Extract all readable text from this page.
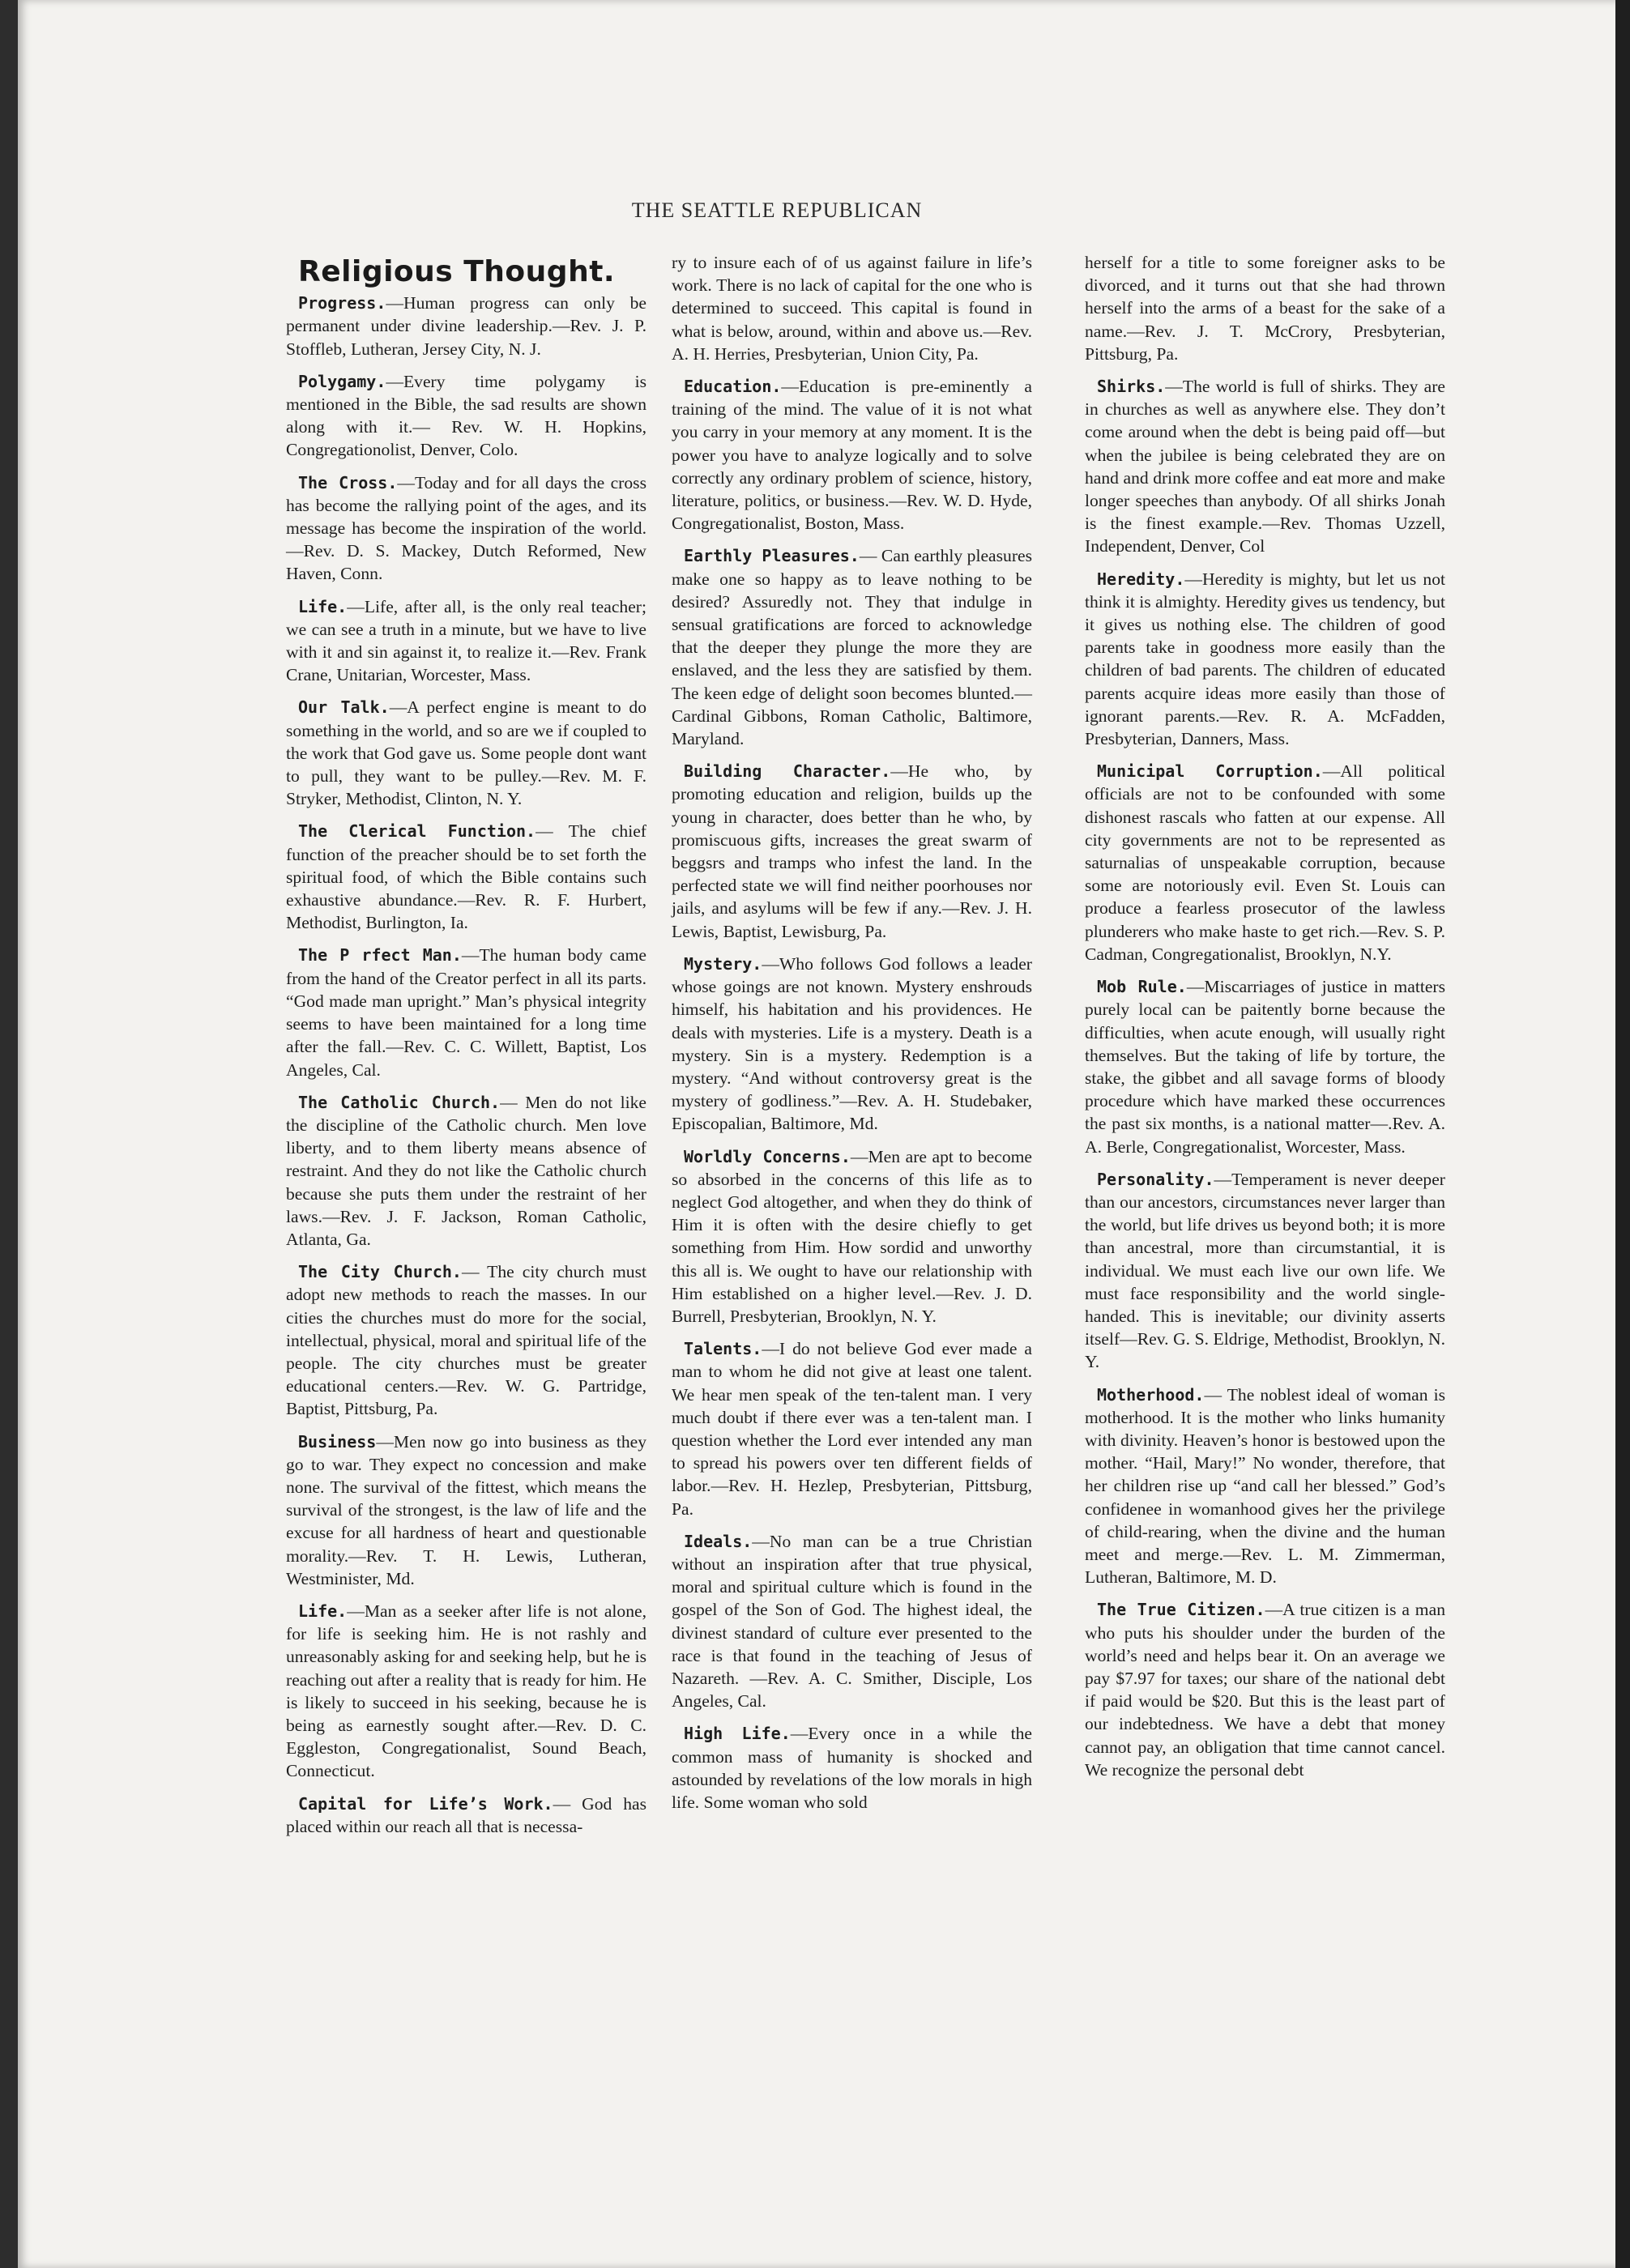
THE SEATTLE REPUBLICAN
Religious Thought.

Progress.—Human progress can only be permanent under divine leadership.—Rev. J. P. Stoffleb, Lutheran, Jersey City, N. J.

Polygamy.—Every time polygamy is mentioned in the Bible, the sad results are shown along with it.— Rev. W. H. Hopkins, Congregationolist, Denver, Colo.

The Cross.—Today and for all days the cross has become the rallying point of the ages, and its message has become the inspiration of the world.—Rev. D. S. Mackey, Dutch Reformed, New Haven, Conn.

Life.—Life, after all, is the only real teacher; we can see a truth in a minute, but we have to live with it and sin against it, to realize it.—Rev. Frank Crane, Unitarian, Worcester, Mass.

Our Talk.—A perfect engine is meant to do something in the world, and so are we if coupled to the work that God gave us. Some people dont want to pull, they want to be pulley.—Rev. M. F. Stryker, Methodist, Clinton, N. Y.

The Clerical Function.— The chief function of the preacher should be to set forth the spiritual food, of which the Bible contains such exhaustive abundance.—Rev. R. F. Hurbert, Methodist, Burlington, Ia.

The P rfect Man.—The human body came from the hand of the Creator perfect in all its parts. “God made man upright.” Man’s physical integrity seems to have been maintained for a long time after the fall.—Rev. C. C. Willett, Baptist, Los Angeles, Cal.

The Catholic Church.— Men do not like the discipline of the Catholic church. Men love liberty, and to them liberty means absence of restraint. And they do not like the Catholic church because she puts them under the restraint of her laws.—Rev. J. F. Jackson, Roman Catholic, Atlanta, Ga.

The City Church.— The city church must adopt new methods to reach the masses. In our cities the churches must do more for the social, intellectual, physical, moral and spiritual life of the people. The city churches must be greater educational centers.—Rev. W. G. Partridge, Baptist, Pittsburg, Pa.

Business—Men now go into business as they go to war. They expect no concession and make none. The survival of the fittest, which means the survival of the strongest, is the law of life and the excuse for all hardness of heart and questionable morality.—Rev. T. H. Lewis, Lutheran, Westminister, Md.

Life.—Man as a seeker after life is not alone, for life is seeking him. He is not rashly and unreasonably asking for and seeking help, but he is reaching out after a reality that is ready for him. He is likely to succeed in his seeking, because he is being as earnestly sought after.—Rev. D. C. Eggleston, Congregationalist, Sound Beach, Connecticut.

Capital for Life’s Work.— God has placed within our reach all that is necessa-

ry to insure each of of us against failure in life’s work. There is no lack of capital for the one who is determined to succeed. This capital is found in what is below, around, within and above us.—Rev. A. H. Herries, Presbyterian, Union City, Pa.

Education.—Education is pre-eminently a training of the mind. The value of it is not what you carry in your memory at any moment. It is the power you have to analyze logically and to solve correctly any ordinary problem of science, history, literature, politics, or business.—Rev. W. D. Hyde, Congregationalist, Boston, Mass.

Earthly Pleasures.— Can earthly pleasures make one so happy as to leave nothing to be desired? Assuredly not. They that indulge in sensual gratifications are forced to acknowledge that the deeper they plunge the more they are enslaved, and the less they are satisfied by them. The keen edge of delight soon becomes blunted.—Cardinal Gibbons, Roman Catholic, Baltimore, Maryland.

Building Character.—He who, by promoting education and religion, builds up the young in character, does better than he who, by promiscuous gifts, increases the great swarm of beggsrs and tramps who infest the land. In the perfected state we will find neither poorhouses nor jails, and asylums will be few if any.—Rev. J. H. Lewis, Baptist, Lewisburg, Pa.

Mystery.—Who follows God follows a leader whose goings are not known. Mystery enshrouds himself, his habitation and his providences. He deals with mysteries. Life is a mystery. Death is a mystery. Sin is a mystery. Redemption is a mystery. “And without controversy great is the mystery of godliness.”—Rev. A. H. Studebaker, Episcopalian, Baltimore, Md.

Worldly Concerns.—Men are apt to become so absorbed in the concerns of this life as to neglect God altogether, and when they do think of Him it is often with the desire chiefly to get something from Him. How sordid and unworthy this all is. We ought to have our relationship with Him established on a higher level.—Rev. J. D. Burrell, Presbyterian, Brooklyn, N. Y.

Talents.—I do not believe God ever made a man to whom he did not give at least one talent. We hear men speak of the ten-talent man. I very much doubt if there ever was a ten-talent man. I question whether the Lord ever intended any man to spread his powers over ten different fields of labor.—Rev. H. Hezlep, Presbyterian, Pittsburg, Pa.

Ideals.—No man can be a true Christian without an inspiration after that true physical, moral and spiritual culture which is found in the gospel of the Son of God. The highest ideal, the divinest standard of culture ever presented to the race is that found in the teaching of Jesus of Nazareth. —Rev. A. C. Smither, Disciple, Los Angeles, Cal.

High Life.—Every once in a while the common mass of humanity is shocked and astounded by revelations of the low morals in high life. Some woman who sold

herself for a title to some foreigner asks to be divorced, and it turns out that she had thrown herself into the arms of a beast for the sake of a name.—Rev. J. T. McCrory, Presbyterian, Pittsburg, Pa.

Shirks.—The world is full of shirks. They are in churches as well as anywhere else. They don’t come around when the debt is being paid off—but when the jubilee is being celebrated they are on hand and drink more coffee and eat more and make longer speeches than anybody. Of all shirks Jonah is the finest example.—Rev. Thomas Uzzell, Independent, Denver, Col

Heredity.—Heredity is mighty, but let us not think it is almighty. Heredity gives us tendency, but it gives us nothing else. The children of good parents take in goodness more easily than the children of bad parents. The children of educated parents acquire ideas more easily than those of ignorant parents.—Rev. R. A. McFadden, Presbyterian, Danners, Mass.

Municipal Corruption.—All political officials are not to be confounded with some dishonest rascals who fatten at our expense. All city governments are not to be represented as saturnalias of unspeakable corruption, because some are notoriously evil. Even St. Louis can produce a fearless prosecutor of the lawless plunderers who make haste to get rich.—Rev. S. P. Cadman, Congregationalist, Brooklyn, N.Y.

Mob Rule.—Miscarriages of justice in matters purely local can be paitently borne because the difficulties, when acute enough, will usually right themselves. But the taking of life by torture, the stake, the gibbet and all savage forms of bloody procedure which have marked these occurrences the past six months, is a national matter—.Rev. A. A. Berle, Congregationalist, Worcester, Mass.

Personality.—Temperament is never deeper than our ancestors, circumstances never larger than the world, but life drives us beyond both; it is more than ancestral, more than circumstantial, it is individual. We must each live our own life. We must face responsibility and the world single-handed. This is inevitable; our divinity asserts itself—Rev. G. S. Eldrige, Methodist, Brooklyn, N. Y.

Motherhood.— The noblest ideal of woman is motherhood. It is the mother who links humanity with divinity. Heaven’s honor is bestowed upon the mother. “Hail, Mary!” No wonder, therefore, that her children rise up “and call her blessed.” God’s confidenee in womanhood gives her the privilege of child-rearing, when the divine and the human meet and merge.—Rev. L. M. Zimmerman, Lutheran, Baltimore, M. D.

The True Citizen.—A true citizen is a man who puts his shoulder under the burden of the world’s need and helps bear it. On an average we pay $7.97 for taxes; our share of the national debt if paid would be $20. But this is the least part of our indebtedness. We have a debt that money cannot pay, an obligation that time cannot cancel. We recognize the personal debt
